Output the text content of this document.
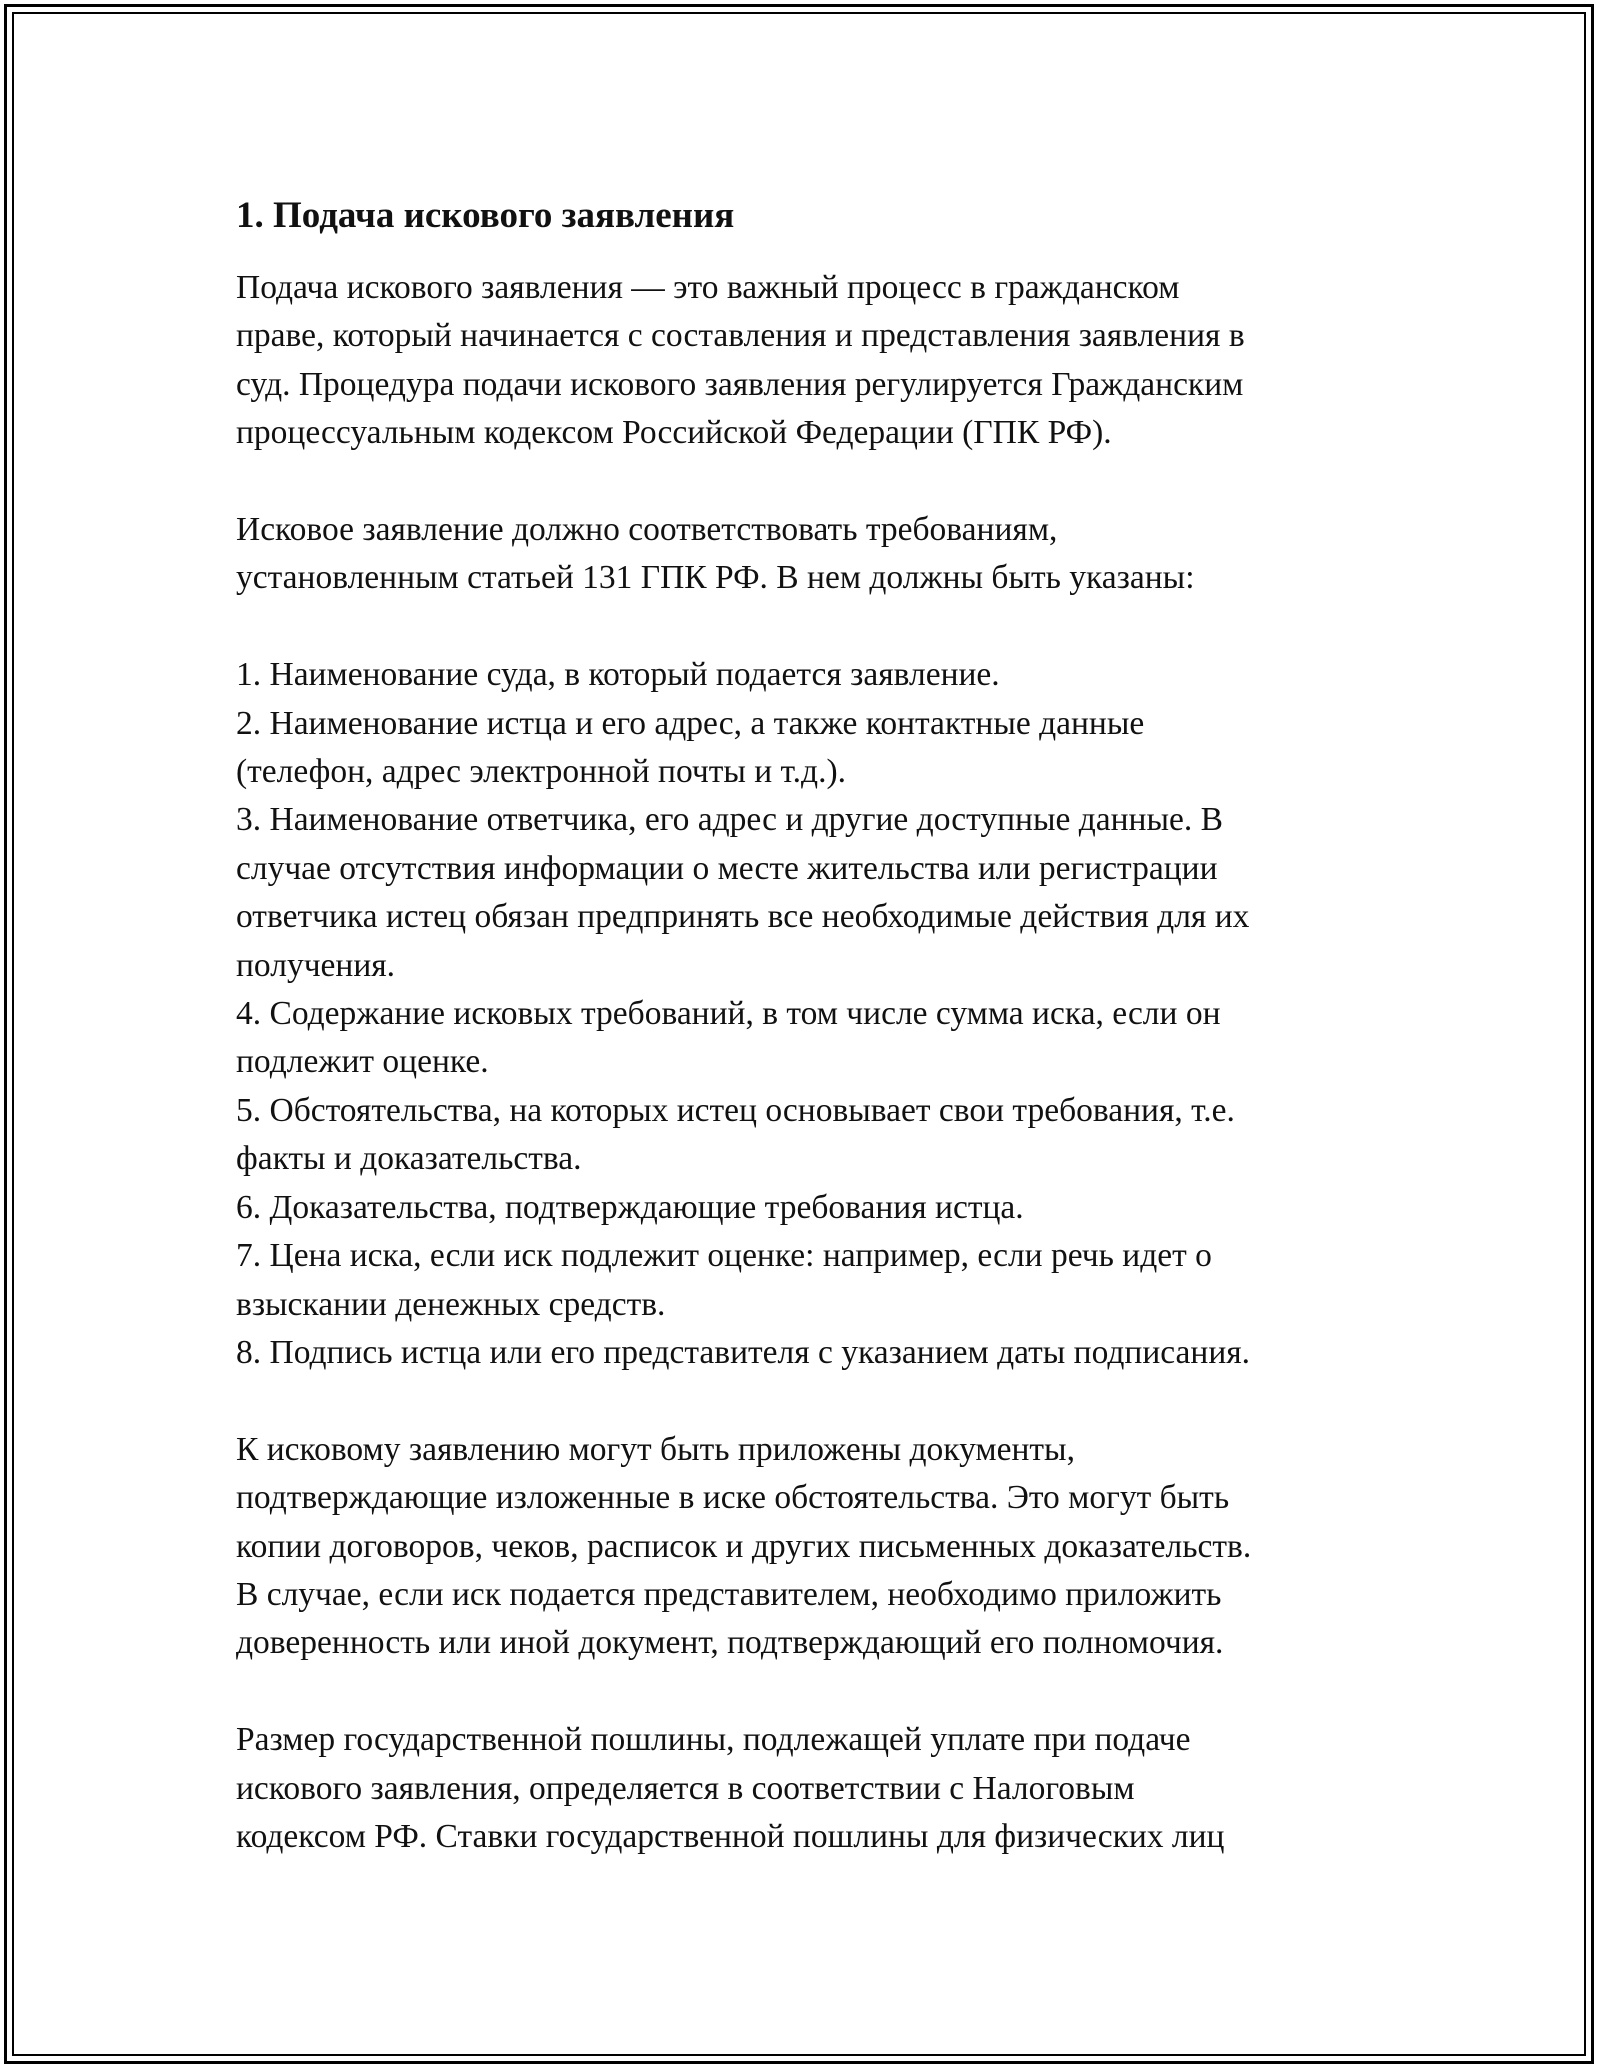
1. Подача искового заявления

Подача искового заявления — это важный процесс в гражданском
праве, который начинается с составления и представления заявления в
суд. Процедура подачи искового заявления регулируется Гражданским
процессуальным кодексом Российской Федерации (ГПК РФ).

Исковое заявление должно соответствовать требованиям,
установленным статьей 131 ГПК РФ. В нем должны быть указаны:

1. Наименование суда, в который подается заявление.
2. Наименование истца и его адрес, а также контактные данные
(телефон, адрес электронной почты и т.д.).
3. Наименование ответчика, его адрес и другие доступные данные. В
случае отсутствия информации о месте жительства или регистрации
ответчика истец обязан предпринять все необходимые действия для их
получения.
4. Содержание исковых требований, в том числе сумма иска, если он
подлежит оценке.
5. Обстоятельства, на которых истец основывает свои требования, т.е.
факты и доказательства.
6. Доказательства, подтверждающие требования истца.
7. Цена иска, если иск подлежит оценке: например, если речь идет о
взыскании денежных средств.
8. Подпись истца или его представителя с указанием даты подписания.

К исковому заявлению могут быть приложены документы,
подтверждающие изложенные в иске обстоятельства. Это могут быть
копии договоров, чеков, расписок и других письменных доказательств.
В случае, если иск подается представителем, необходимо приложить
доверенность или иной документ, подтверждающий его полномочия.

Размер государственной пошлины, подлежащей уплате при подаче
искового заявления, определяется в соответствии с Налоговым
кодексом РФ. Ставки государственной пошлины для физических лиц
